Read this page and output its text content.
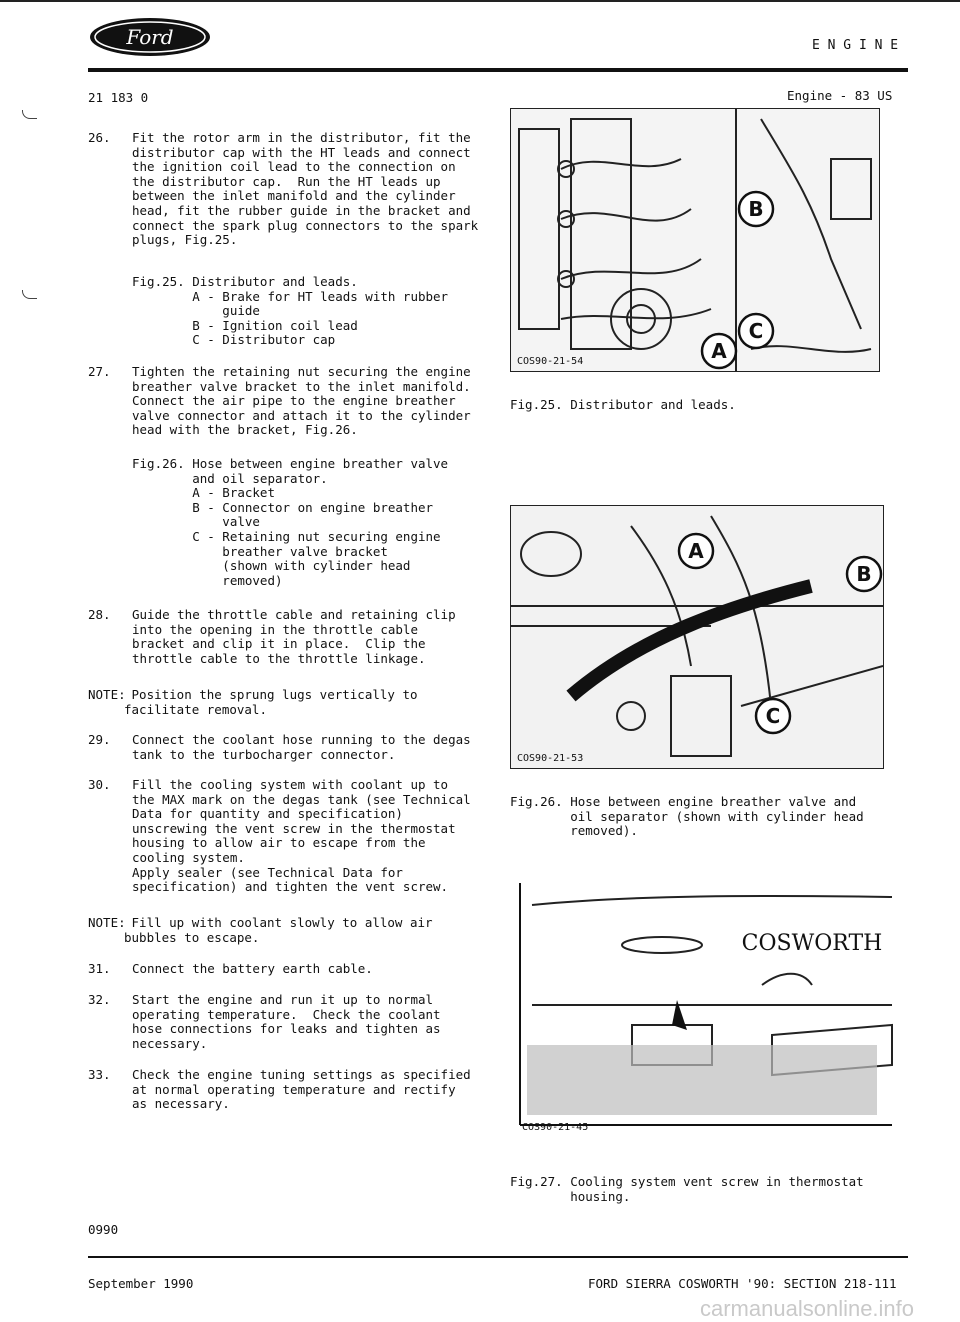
Ford	E N G I N E
21 183 0	Engine - 83 US

26.

Fit the rotor arm in the distributor, fit the
distributor cap with the HT leads and connect
the ignition coil lead to the connection on
the distributor cap.  Run the HT leads up
between the inlet manifold and the cylinder
head, fit the rubber guide in the bracket and
connect the spark plug connectors to the spark
plugs, Fig.25.

Fig.25. Distributor and leads.
A - Brake for HT leads with rubber
guide
B - Ignition coil lead
C - Distributor cap

27.

Tighten the retaining nut securing the engine
breather valve bracket to the inlet manifold.
Connect the air pipe to the engine breather
valve connector and attach it to the cylinder
head with the bracket, Fig.26.

Fig.26. Hose between engine breather valve
and oil separator.
A - Bracket
B - Connector on engine breather
valve
C - Retaining nut securing engine
breather valve bracket
(shown with cylinder head
removed)

28.

Guide the throttle cable and retaining clip
into the opening in the throttle cable
bracket and clip it in place.  Clip the
throttle cable to the throttle linkage.

NOTE:

Position the sprung lugs vertically to
facilitate removal.

29.

Connect the coolant hose running to the degas
tank to the turbocharger connector.

30.

Fill the cooling system with coolant up to
the MAX mark on the degas tank (see Technical
Data for quantity and specification)
unscrewing the vent screw in the thermostat
housing to allow air to escape from the
cooling system.
Apply sealer (see Technical Data for
specification) and tighten the vent screw.

NOTE:

Fill up with coolant slowly to allow air
bubbles to escape.

31.

Connect the battery earth cable.

32.

Start the engine and run it up to normal
operating temperature.  Check the coolant
hose connections for leaks and tighten as
necessary.

33.

Check the engine tuning settings as specified
at normal operating temperature and rectify
as necessary.

A
B
C
COS90-21-54
Fig.25. Distributor and leads.
A
B
C
COS90-21-53
Fig.26. Hose between engine breather valve and
oil separator (shown with cylinder head
removed).
COSWORTH
COS90-21-45
Fig.27. Cooling system vent screw in thermostat
housing.
0990
September 1990	FORD SIERRA COSWORTH '90: SECTION 218-111
carmanualsonline.info
